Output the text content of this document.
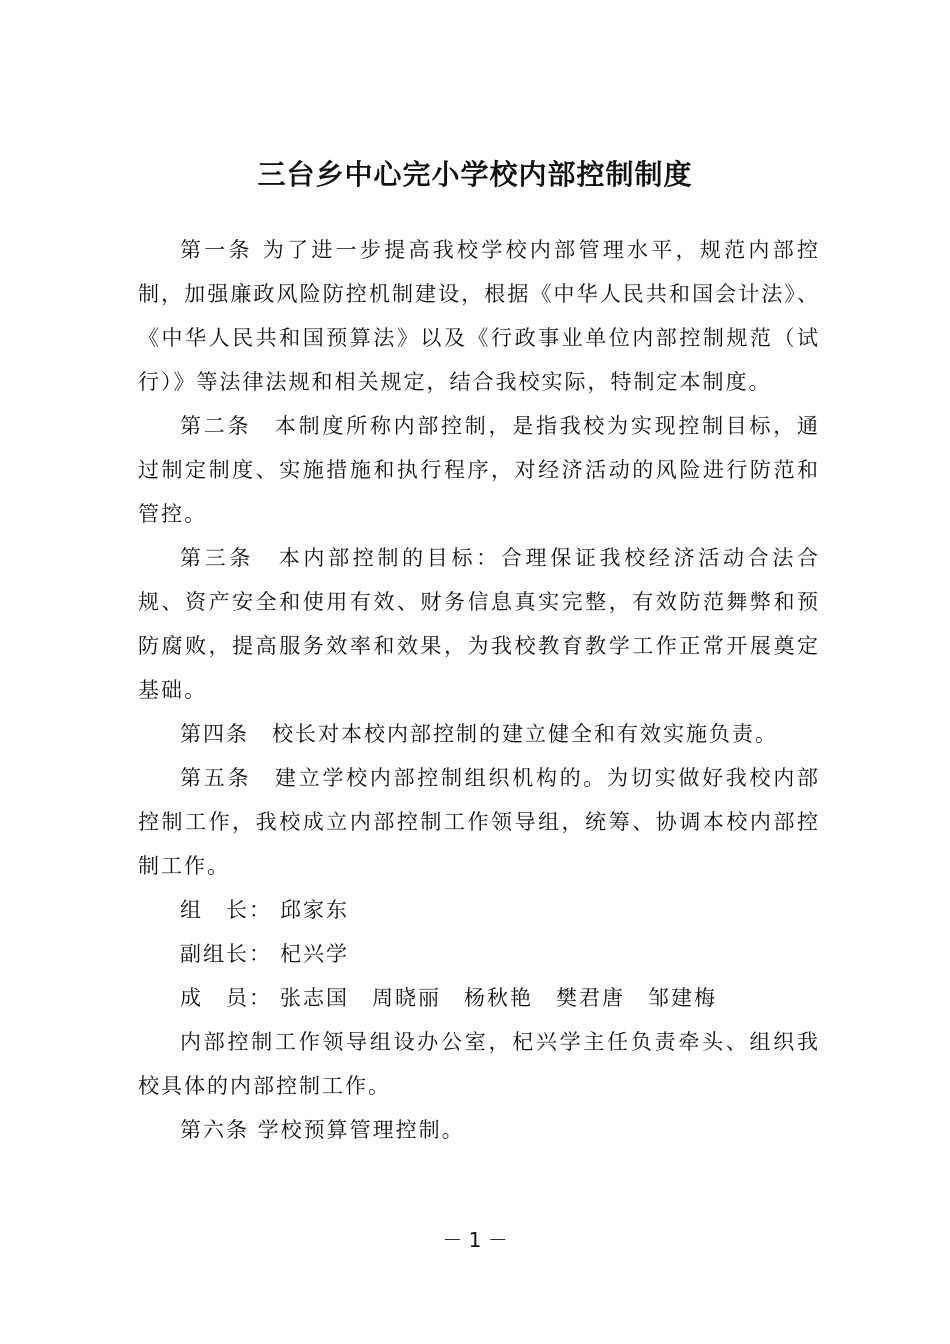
三台乡中心完小学校内部控制制度

第一条 为了进一步提高我校学校内部管理水平，规范内部控制，加强廉政风险防控机制建设，根据《中华人民共和国会计法》、《中华人民共和国预算法》以及《行政事业单位内部控制规范（试行）》等法律法规和相关规定，结合我校实际，特制定本制度。

第二条　本制度所称内部控制，是指我校为实现控制目标，通过制定制度、实施措施和执行程序，对经济活动的风险进行防范和管控。

第三条　本内部控制的目标：合理保证我校经济活动合法合规、资产安全和使用有效、财务信息真实完整，有效防范舞弊和预防腐败，提高服务效率和效果，为我校教育教学工作正常开展奠定基础。

第四条　校长对本校内部控制的建立健全和有效实施负责。

第五条　建立学校内部控制组织机构的。为切实做好我校内部控制工作，我校成立内部控制工作领导组，统筹、协调本校内部控制工作。

组　长： 邱家东

副组长： 杞兴学

成　员： 张志国　周晓丽　杨秋艳　樊君唐　邹建梅

内部控制工作领导组设办公室，杞兴学主任负责牵头、组织我校具体的内部控制工作。

第六条 学校预算管理控制。

－ 1 －
